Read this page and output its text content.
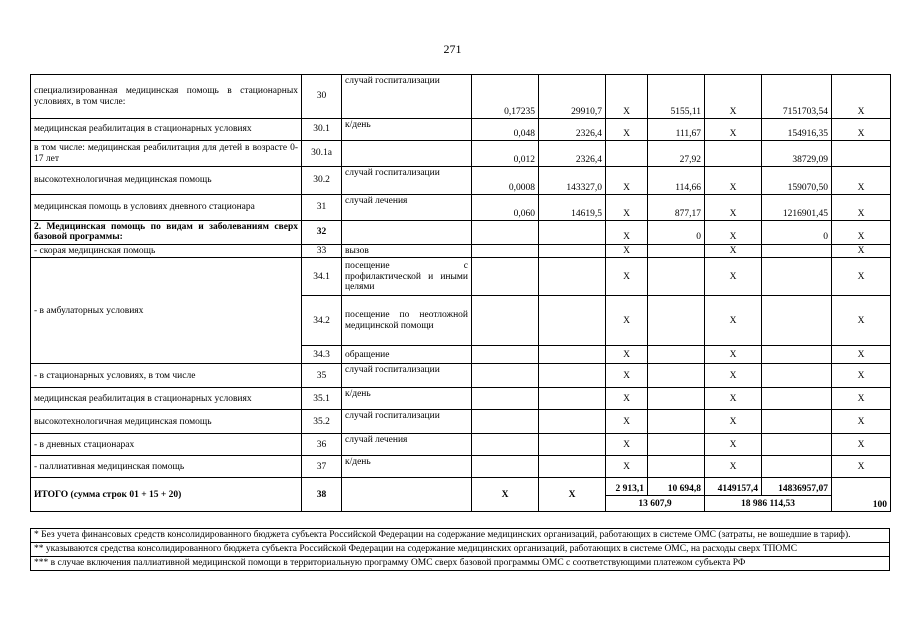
271
специализированная медицинская помощь в стационарных условиях, в том числе:	30	случай госпитализации	0,17235	29910,7	X	5155,11	X	7151703,54	X
медицинская реабилитация в стационарных условиях	30.1	к/день	0,048	2326,4	X	111,67	X	154916,35	X
в том числе: медицинская реабилитация для детей в возрасте 0-17 лет	30.1а		0,012	2326,4		27,92		38729,09	
высокотехнологичная медицинская помощь	30.2	случай госпитализации	0,0008	143327,0	X	114,66	X	159070,50	X
медицинская помощь в условиях дневного стационара	31	случай лечения	0,060	14619,5	X	877,17	X	1216901,45	X
2. Медицинская помощь по видам и заболеваниям сверх базовой программы:	32				X	0	X	0	X
- скорая медицинская помощь	33	вызов			X		X		X
- в амбулаторных условиях	34.1	посещение с профилактической и иными целями			X		X		X
	34.2	посещение по неотложной медицинской помощи			X		X		X
	34.3	обращение			X		X		X
- в стационарных условиях, в том числе	35	случай госпитализации			X		X		X
медицинская реабилитация в стационарных условиях	35.1	к/день			X		X		X
высокотехнологичная медицинская помощь	35.2	случай госпитализации			X		X		X
- в дневных стационарах	36	случай лечения			X		X		X
- паллиативная медицинская помощь	37	к/день			X		X		X
ИТОГО (сумма строк 01 + 15 + 20)	38		X	X	2 913,1	10 694,8	4149157,4	14836957,07	100
					13 607,9		18 986 114,53		
* Без учета финансовых средств консолидированного бюджета субъекта Российской Федерации на содержание медицинских организаций, работающих в системе ОМС (затраты, не вошедшие в тариф).
** указываются средства консолидированного бюджета субъекта Российской Федерации на содержание медицинских организаций, работающих в системе ОМС, на расходы сверх ТПОМС
*** в случае включения паллиативной медицинской помощи в территориальную программу ОМС сверх базовой программы ОМС с соответствующими платежом субъекта РФ
